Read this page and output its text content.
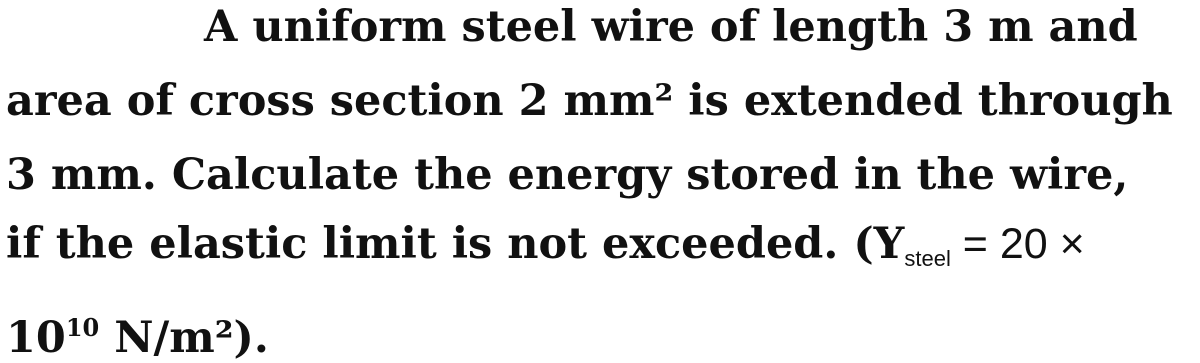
A uniform steel wire of length 3 m and
area of cross section 2 mm² is extended through
3 mm. Calculate the energy stored in the wire,
if the elastic limit is not exceeded. ($Y_{steel} = 20$ ×
$10^{10}$ N/m²).
